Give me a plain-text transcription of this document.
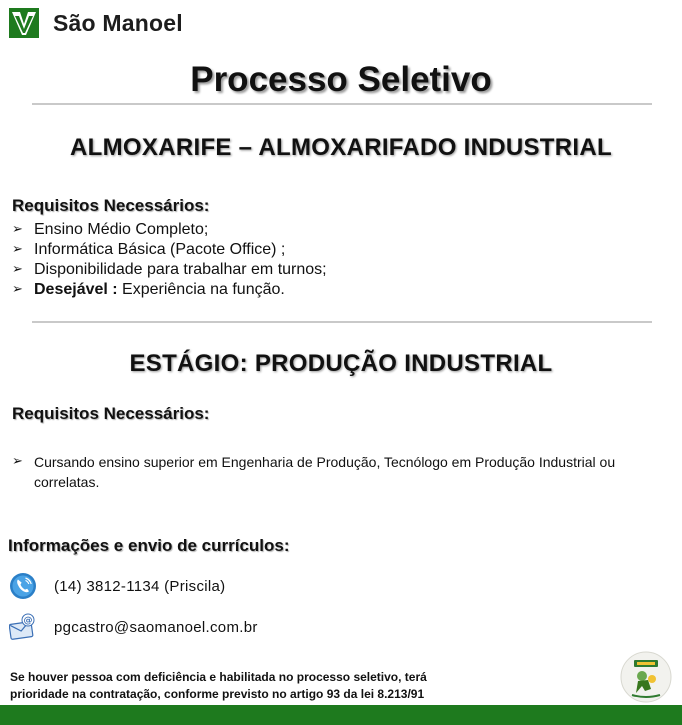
São Manoel
Processo Seletivo
ALMOXARIFE – ALMOXARIFADO INDUSTRIAL
Requisitos Necessários:
➢ Ensino Médio Completo;
➢ Informática Básica (Pacote Office) ;
➢ Disponibilidade para trabalhar em turnos;
➢ Desejável : Experiência na função.
ESTÁGIO: PRODUÇÃO INDUSTRIAL
Requisitos Necessários:
➢ Cursando ensino superior em Engenharia de Produção, Tecnólogo em Produção Industrial ou correlatas.
Informações e envio de currículos:
(14) 3812-1134 (Priscila)
@ pgcastro@saomanoel.com.br
Se houver pessoa com deficiência e habilitada no processo seletivo, terá
prioridade na contratação, conforme previsto no artigo 93 da lei 8.213/91
